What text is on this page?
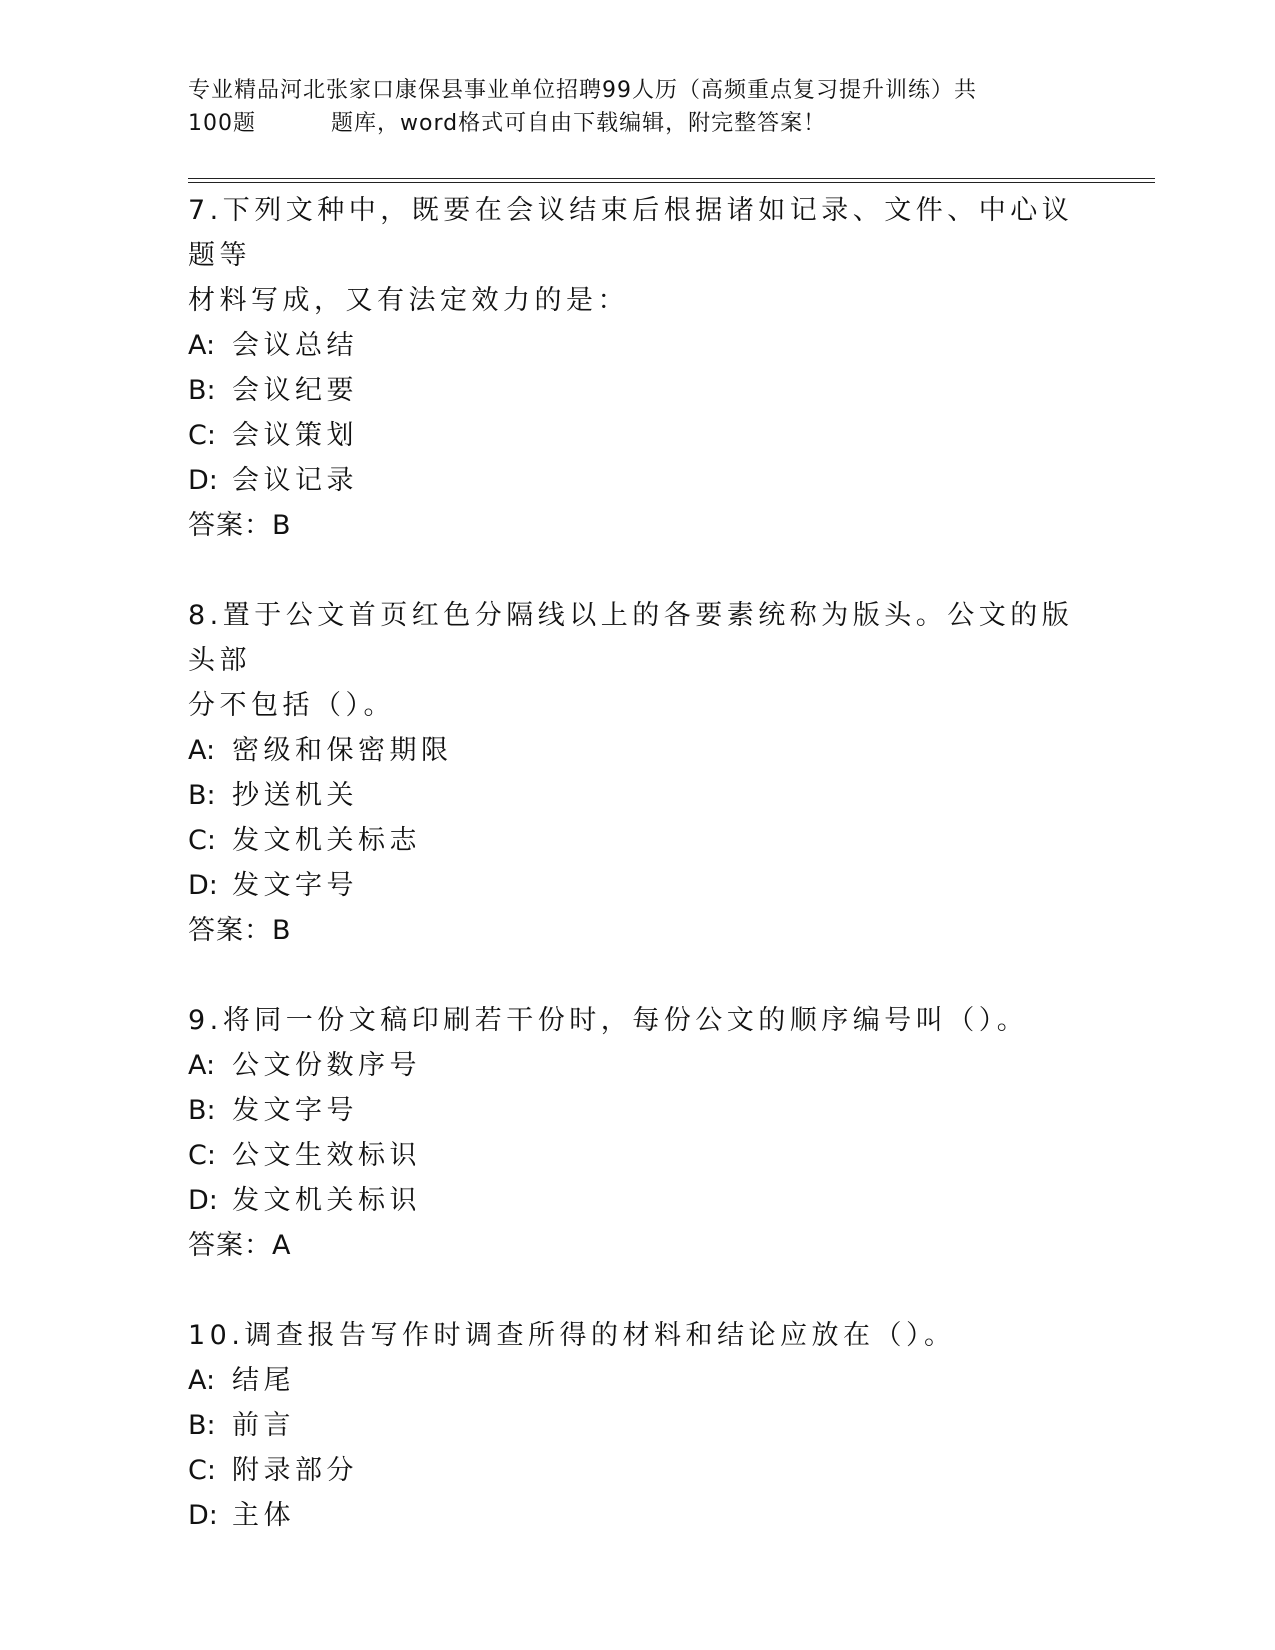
专业精品河北张家口康保县事业单位招聘99人历（高频重点复习提升训练）共
100题	题库，word格式可自由下载编辑，附完整答案！
7.下列文种中，既要在会议结束后根据诸如记录、文件、中心议题等
材料写成，又有法定效力的是：
A: 会议总结
B: 会议纪要
C: 会议策划
D: 会议记录
答案：B
8.置于公文首页红色分隔线以上的各要素统称为版头。公文的版头部
分不包括（）。
A: 密级和保密期限
B: 抄送机关
C: 发文机关标志
D: 发文字号
答案：B
9.将同一份文稿印刷若干份时，每份公文的顺序编号叫（）。
A: 公文份数序号
B: 发文字号
C: 公文生效标识
D: 发文机关标识
答案：A
10.调查报告写作时调查所得的材料和结论应放在（）。
A: 结尾
B: 前言
C: 附录部分
D: 主体
